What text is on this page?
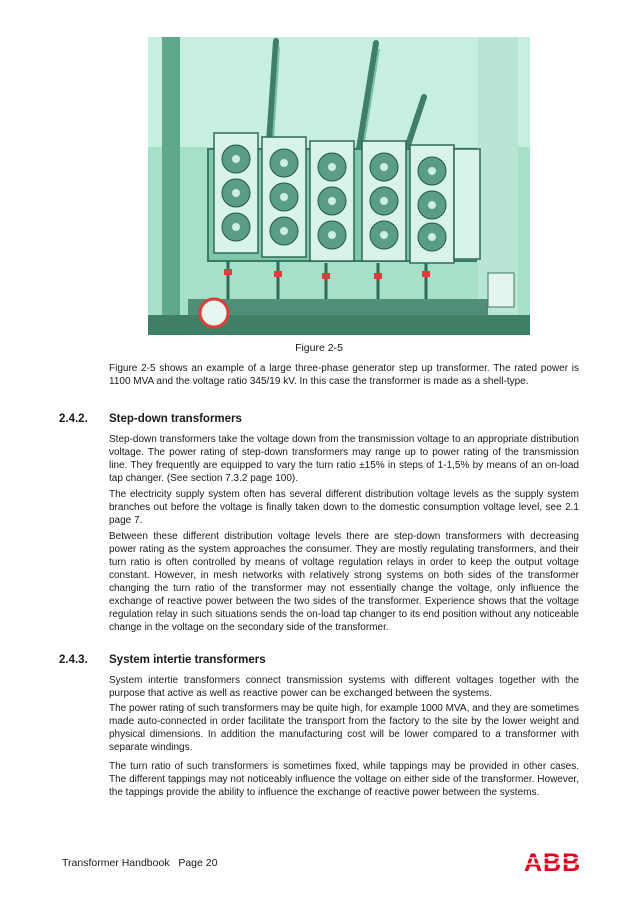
Figure 2-5

Figure 2-5 shows an example of a large three-phase generator step up transformer. The rated power is 1100 MVA and the voltage ratio 345/19 kV. In this case the transformer is made as a shell-type.

2.4.2. Step-down transformers

Step-down transformers take the voltage down from the transmission voltage to an appropriate distribution voltage. The power rating of step-down transformers may range up to power rating of the transmission line. They frequently are equipped to vary the turn ratio ±15% in steps of 1-1,5% by means of an on-load tap changer. (See section 7.3.2 page 100).

The electricity supply system often has several different distribution voltage levels as the supply system branches out before the voltage is finally taken down to the domestic consumption voltage level, see 2.1 page 7.

Between these different distribution voltage levels there are step-down transformers with decreasing power rating as the system approaches the consumer. They are mostly regulating transformers, and their turn ratio is often controlled by means of voltage regulation relays in order to keep the output voltage constant. However, in mesh networks with relatively strong systems on both sides of the transformer changing the turn ratio of the transformer may not essentially change the voltage, only influence the exchange of reactive power between the two sides of the transformer. Experience shows that the voltage regulation relay in such situations sends the on-load tap changer to its end position without any noticeable change in the voltage on the secondary side of the transformer.

2.4.3. System intertie transformers

System intertie transformers connect transmission systems with different voltages together with the purpose that active as well as reactive power can be exchanged between the systems.

The power rating of such transformers may be quite high, for example 1000 MVA, and they are sometimes made auto-connected in order facilitate the transport from the factory to the site by the lower weight and physical dimensions. In addition the manufacturing cost will be lower compared to a transformer with separate windings.

The turn ratio of such transformers is sometimes fixed, while tappings may be provided in other cases. The different tappings may not noticeably influence the voltage on either side of the transformer. However, the tappings provide the ability to influence the exchange of reactive power between the systems.

Transformer Handbook Page 20	ABB
